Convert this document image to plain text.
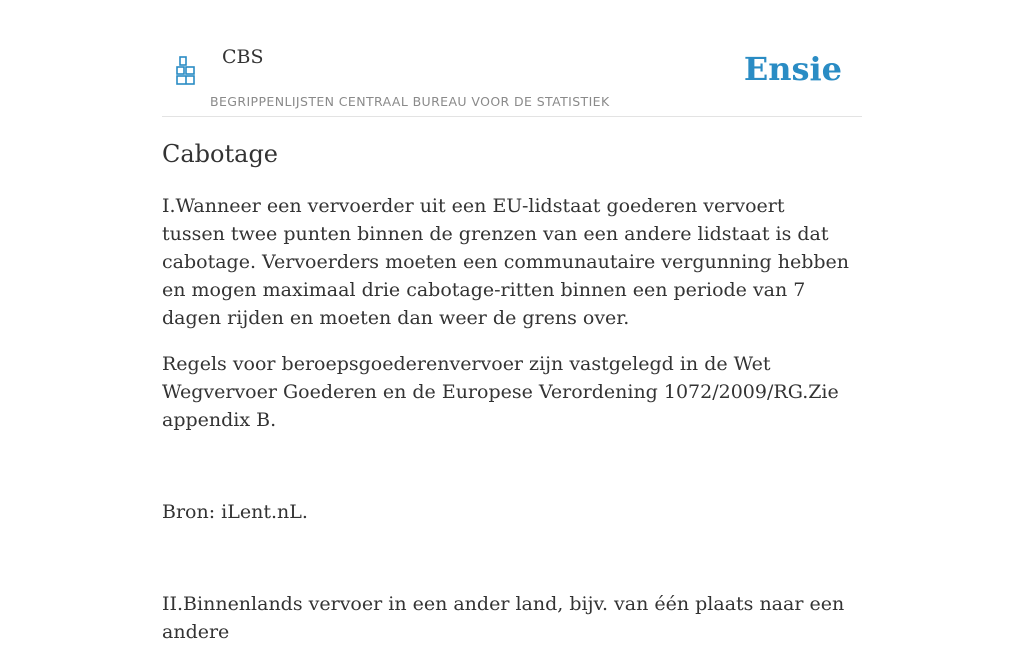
CBS
BEGRIPPENLIJSTEN CENTRAAL BUREAU VOOR DE STATISTIEK
Ensie
Cabotage

I.Wanneer een vervoerder uit een EU-lidstaat goederen vervoert tussen twee punten binnen de grenzen van een andere lidstaat is dat cabotage. Vervoerders moeten een communautaire vergunning hebben en mogen maximaal drie cabotage-ritten binnen een periode van 7 dagen rijden en moeten dan weer de grens over.

Regels voor beroepsgoederenvervoer zijn vastgelegd in de Wet Wegvervoer Goederen en de Europese Verordening 1072/2009/RG.Zie appendix B.

Bron: iLent.nL.

II.Binnenlands vervoer in een ander land, bijv. van één plaats naar een andere
